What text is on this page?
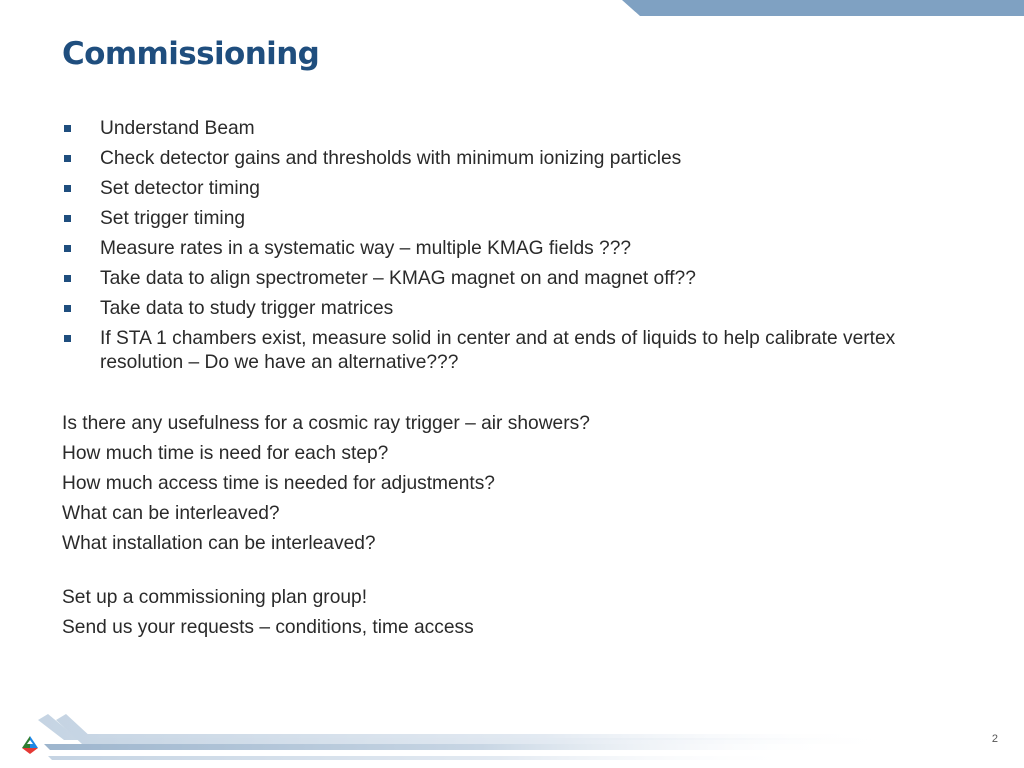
Commissioning
Understand Beam
Check detector gains and thresholds with minimum ionizing particles
Set detector timing
Set trigger timing
Measure rates in a systematic way – multiple KMAG fields ???
Take data to align spectrometer – KMAG magnet on and magnet off??
Take data to study trigger matrices
If STA 1 chambers exist, measure solid in center and at ends of liquids to help calibrate vertex resolution – Do we have an alternative???
Is there any usefulness for a cosmic ray trigger – air showers?
How much time is need for each step?
How much access time is needed for adjustments?
What can be interleaved?
What installation can be interleaved?
Set up a commissioning plan group!
Send us your requests – conditions, time access
2
